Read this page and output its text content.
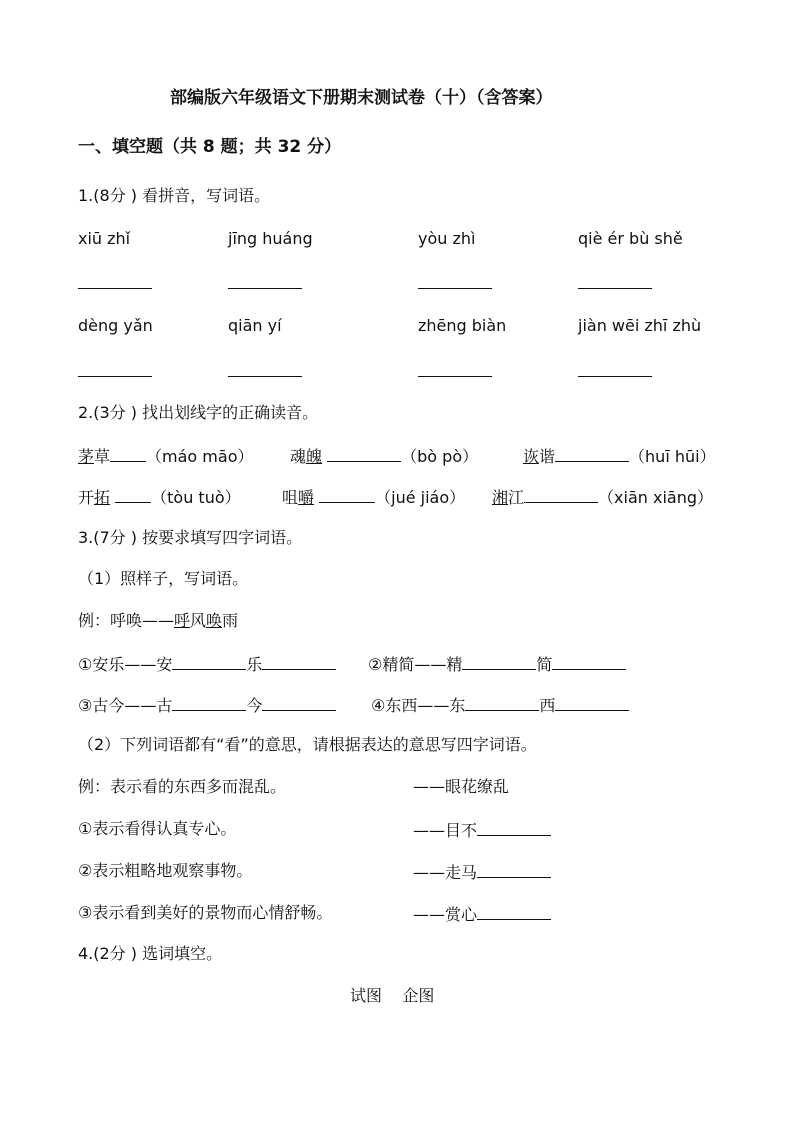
部编版六年级语文下册期末测试卷（十）（含答案）
一、填空题（共 8 题；共 32 分）
1.(8分 ) 看拼音，写词语。
xiū zhǐ	jīng huáng	yòu zhì	qiè ér bù shě
dèng yǎn	qiān yí	zhēng biàn	jiàn wēi zhī zhù
2.(3分 ) 找出划线字的正确读音。
茅草 （máo māo） 魂魄	（bò pò）	诙谐	（huī hūi）
开拓	（tòu tuò）	咀嚼	（jué jiáo） 湘江	（xiān xiāng）
3.(7分 ) 按要求填写四字词语。
（1）照样子，写词语。
例：呼唤——呼风唤雨
①安乐——安	乐	②精简——精	简
③古今——古	今	④东西——东	西
（2）下列词语都有“看”的意思，请根据表达的意思写四字词语。
例：表示看的东西多而混乱。	——眼花缭乱
①表示看得认真专心。	——目不
②表示粗略地观察事物。	——走马
③表示看到美好的景物而心情舒畅。	——赏心
4.(2分 ) 选词填空。
试图    企图
